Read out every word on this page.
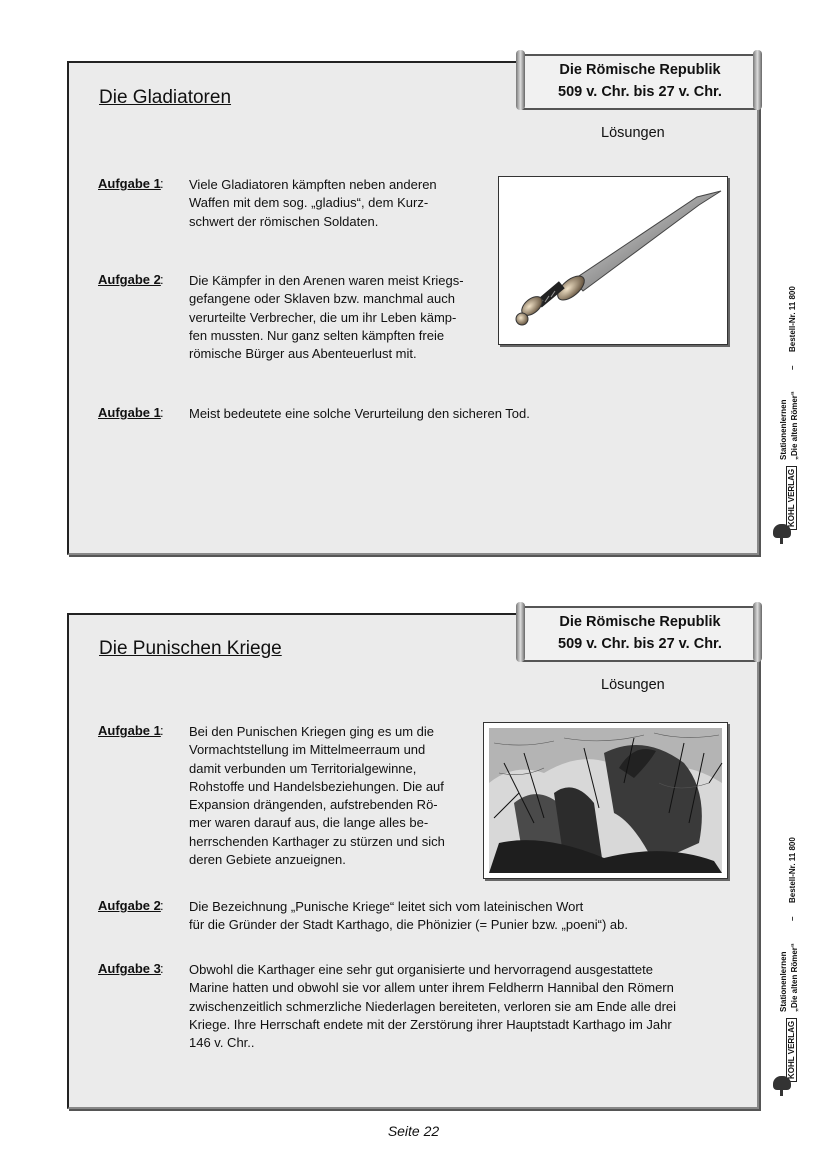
Die Gladiatoren
Die Römische Republik
509 v. Chr. bis 27 v. Chr.
Lösungen
Aufgabe 1 : Viele Gladiatoren kämpften neben anderen
Waffen mit dem sog. „gladius“, dem Kurz-
schwert der römischen Soldaten.
Aufgabe 2 : Die Kämpfer in den Arenen waren meist Kriegs-
gefangene oder Sklaven bzw. manchmal auch
verurteilte Verbrecher, die um ihr Leben kämp-
fen mussten. Nur ganz selten kämpften freie
römische Bürger aus Abenteuerlust mit.
Aufgabe 1 : Meist bedeutete eine solche Verurteilung den sicheren Tod.
Die Punischen Kriege
Die Römische Republik
509 v. Chr. bis 27 v. Chr.
Lösungen
Aufgabe 1 : Bei den Punischen Kriegen ging es um die
Vormachtstellung im Mittelmeerraum und
damit verbunden um Territorialgewinne,
Rohstoffe und Handelsbeziehungen. Die auf
Expansion drängenden, aufstrebenden Rö-
mer waren darauf aus, die lange alles be-
herrschenden Karthager zu stürzen und sich
deren Gebiete anzueignen.
Aufgabe 2 : Die Bezeichnung „Punische Kriege“ leitet sich vom lateinischen Wort
für die Gründer der Stadt Karthago, die Phönizier (= Punier bzw. „poeni“) ab.
Aufgabe 3 : Obwohl die Karthager eine sehr gut organisierte und hervorragend ausgestattete
Marine hatten und obwohl sie vor allem unter ihrem Feldherrn Hannibal den Römern
zwischenzeitlich schmerzliche Niederlagen bereiteten, verloren sie am Ende alle drei
Kriege. Ihre Herrschaft endete mit der Zerstörung ihrer Hauptstadt Karthago im Jahr
146 v. Chr..
Bestell-Nr. 11 800
–
Stationenlernen „Die alten Römer“
KOHL VERLAG
Bestell-Nr. 11 800
–
Stationenlernen „Die alten Römer“
KOHL VERLAG
Seite 22
